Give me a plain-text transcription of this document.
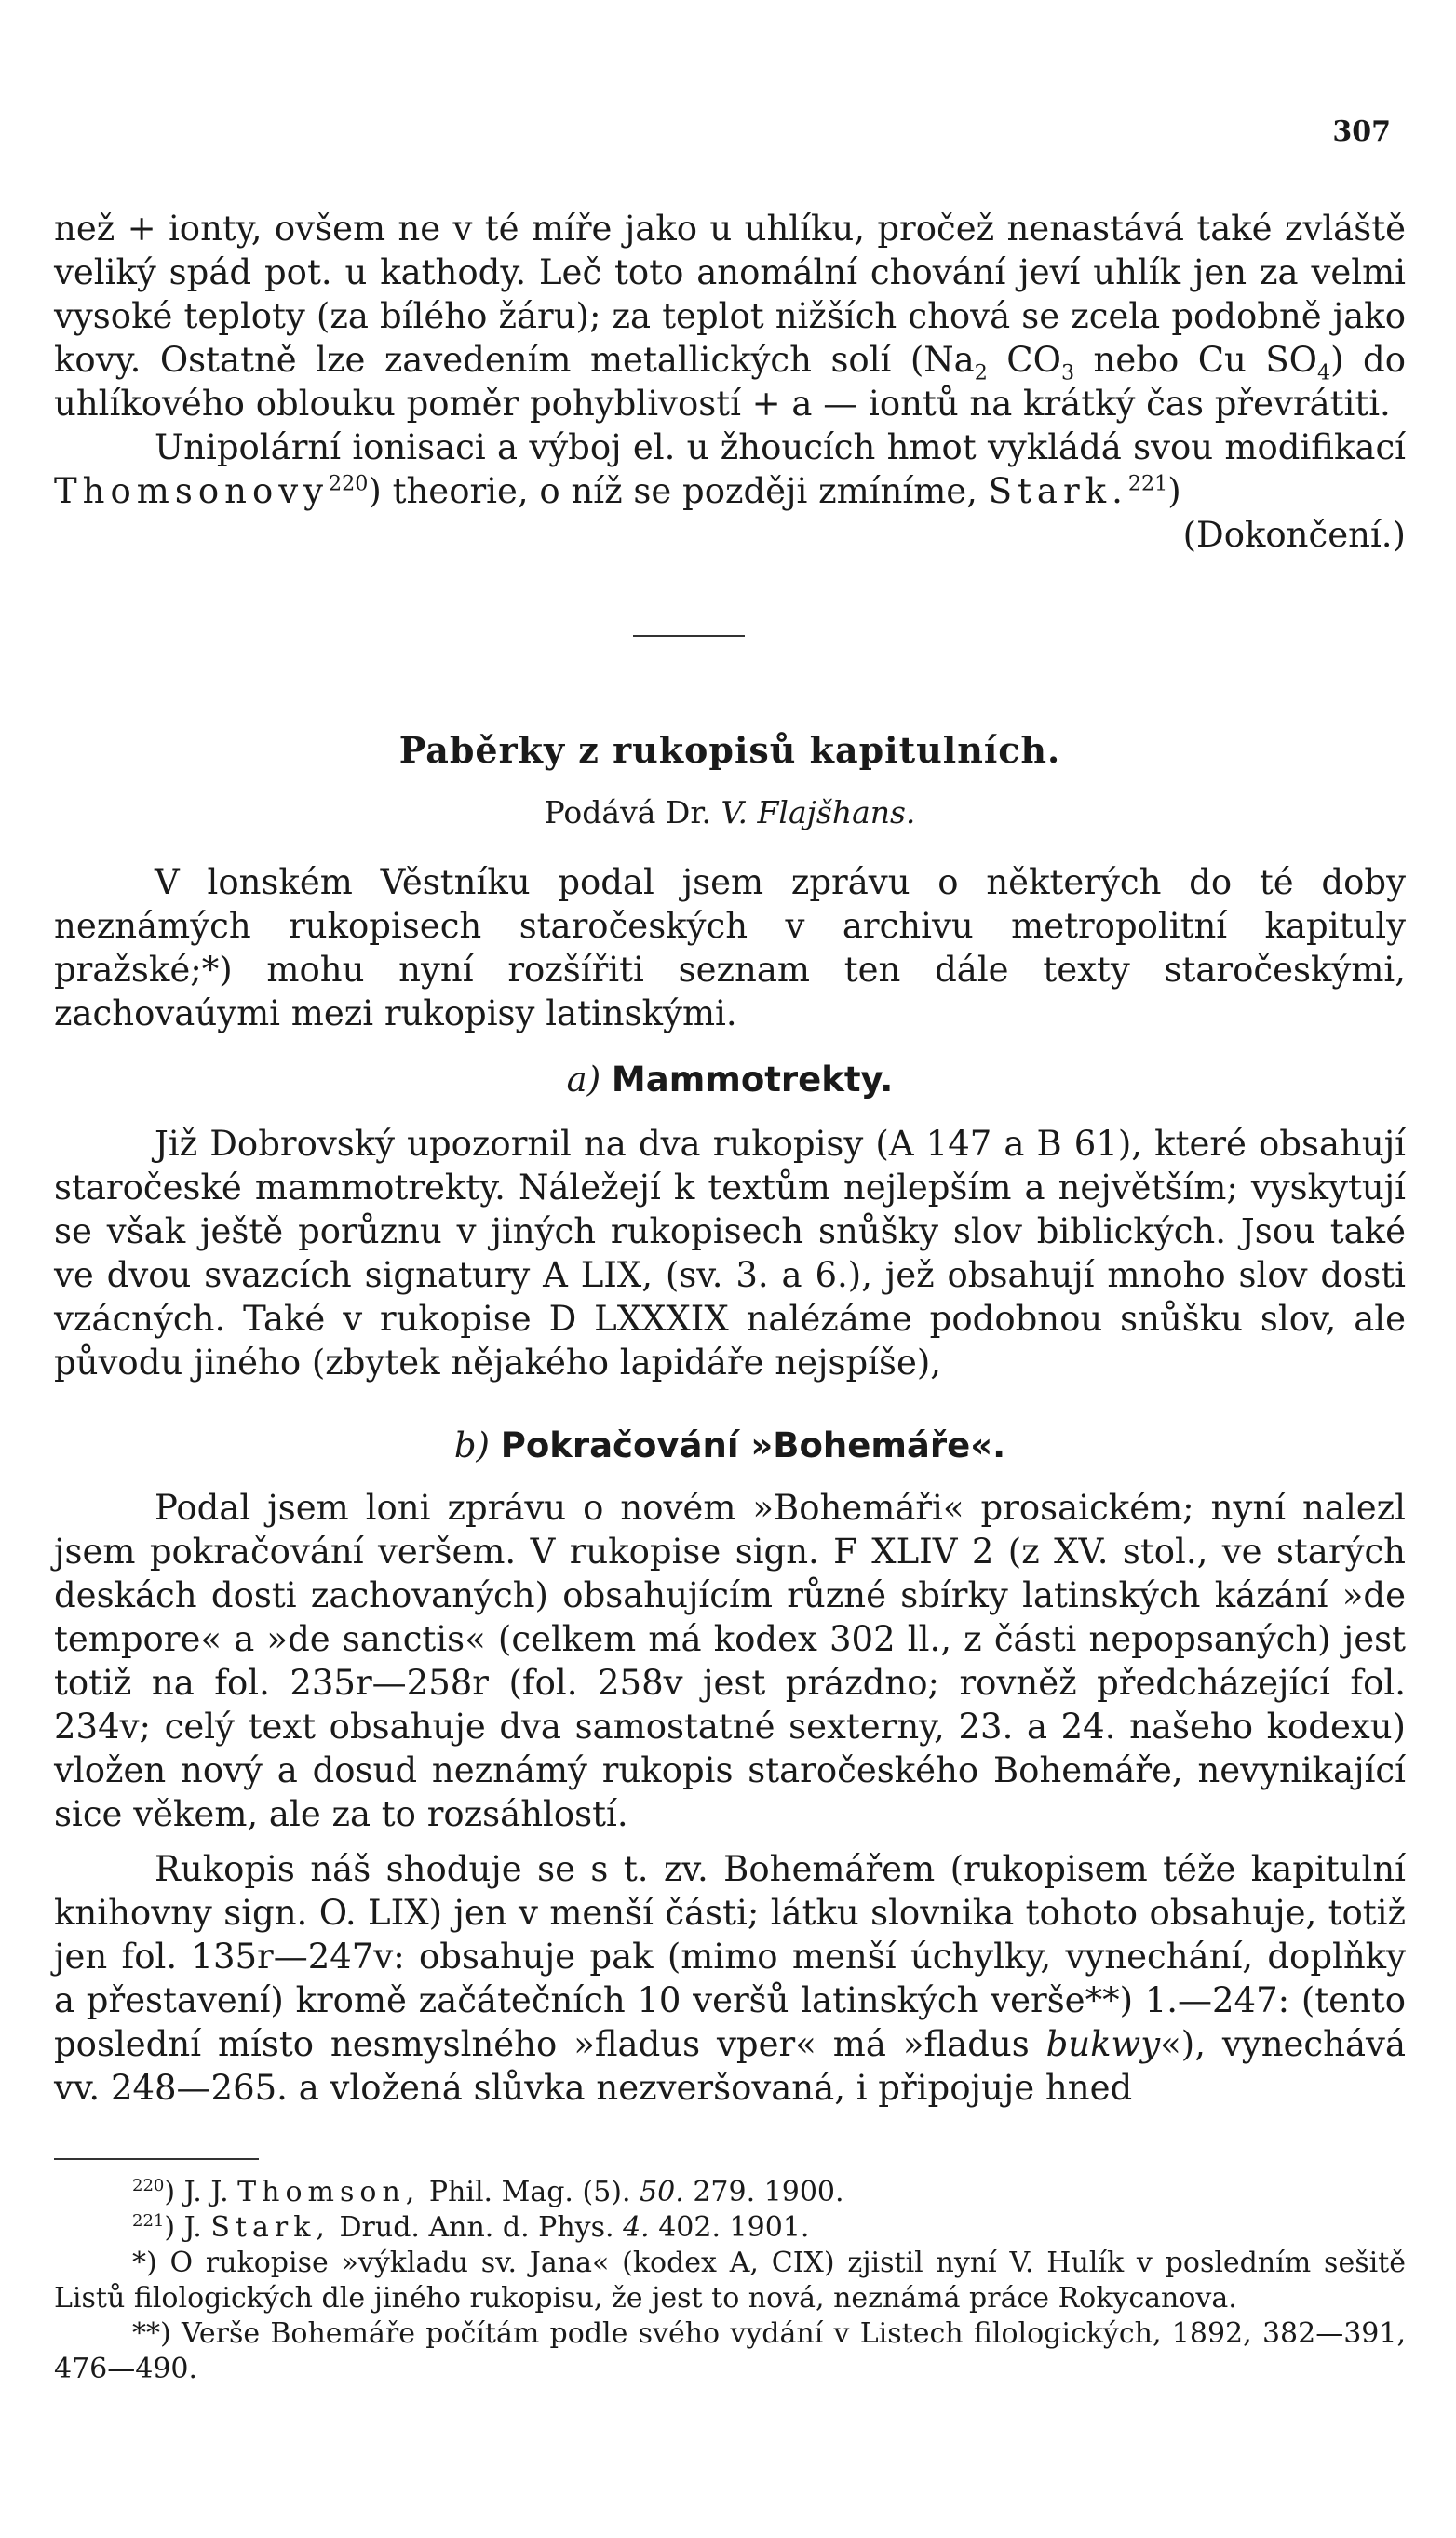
307

než + ionty, ovšem ne v té míře jako u uhlíku, pročež nenastává také zvláště veliký spád pot. u kathody. Leč toto anomální chování jeví uhlík jen za velmi vysoké teploty (za bílého žáru); za teplot nižších chová se zcela podobně jako kovy. Ostatně lze zavedením metallických solí ($Na_2$ $CO_3$ nebo Cu $SO_4$) do uhlíkového oblouku poměr pohyblivostí + a — iontů na krátký čas převrátiti.

Unipolární ionisaci a výboj el. u žhoucích hmot vykládá svou modifikací Thomsonovy$^{220}$) theorie, o níž se později zmíníme, Stark.$^{221}$)

(Dokončení.)

Paběrky z rukopisů kapitulních.

Podává Dr. V. Flajšhans.

V lonském Věstníku podal jsem zprávu o některých do té doby neznámých rukopisech staročeských v archivu metropolitní kapituly pražské;*) mohu nyní rozšířiti seznam ten dále texty staročeskými, zachovaúymi mezi rukopisy latinskými.

a) Mammotrekty.

Již Dobrovský upozornil na dva rukopisy (A 147 a B 61), které obsahují staročeské mammotrekty. Náležejí k textům nejlepším a největším; vyskytují se však ještě porůznu v jiných rukopisech snůšky slov biblických. Jsou také ve dvou svazcích signatury A LIX, (sv. 3. a 6.), jež obsahují mnoho slov dosti vzácných. Také v rukopise D LXXXIX nalézáme podobnou snůšku slov, ale původu jiného (zbytek nějakého lapidáře nejspíše),

b) Pokračování »Bohemáře«.

Podal jsem loni zprávu o novém »Bohemáři« prosaickém; nyní nalezl jsem pokračování veršem. V rukopise sign. F XLIV 2 (z XV. stol., ve starých deskách dosti zachovaných) obsahujícím různé sbírky latinských kázání »de tempore« a »de sanctis« (celkem má kodex 302 ll., z části nepopsaných) jest totiž na fol. 235r—258r (fol. 258v jest prázdno; rovněž předcházející fol. 234v; celý text obsahuje dva samostatné sexterny, 23. a 24. našeho kodexu) vložen nový a dosud neznámý rukopis staročeského Bohemáře, nevynikající sice věkem, ale za to rozsáhlostí.

Rukopis náš shoduje se s t. zv. Bohemářem (rukopisem téže kapitulní knihovny sign. O. LIX) jen v menší části; látku slovnika tohoto obsahuje, totiž jen fol. 135r—247v: obsahuje pak (mimo menší úchylky, vynechání, doplňky a přestavení) kromě začátečních 10 veršů latinských verše**) 1.—247: (tento poslední místo nesmyslného »fladus vper« má »fladus bukwy«), vynechává vv. 248—265. a vložená slůvka nezveršovaná, i připojuje hned

$^{220}$) J. J. Thomson, Phil. Mag. (5). 50. 279. 1900.

$^{221}$) J. Stark, Drud. Ann. d. Phys. 4. 402. 1901.

*) O rukopise »výkladu sv. Jana« (kodex A, CIX) zjistil nyní V. Hulík v posledním sešitě Listů filologických dle jiného rukopisu, že jest to nová, neznámá práce Rokycanova.

**) Verše Bohemáře počítám podle svého vydání v Listech filologických, 1892, 382—391, 476—490.
